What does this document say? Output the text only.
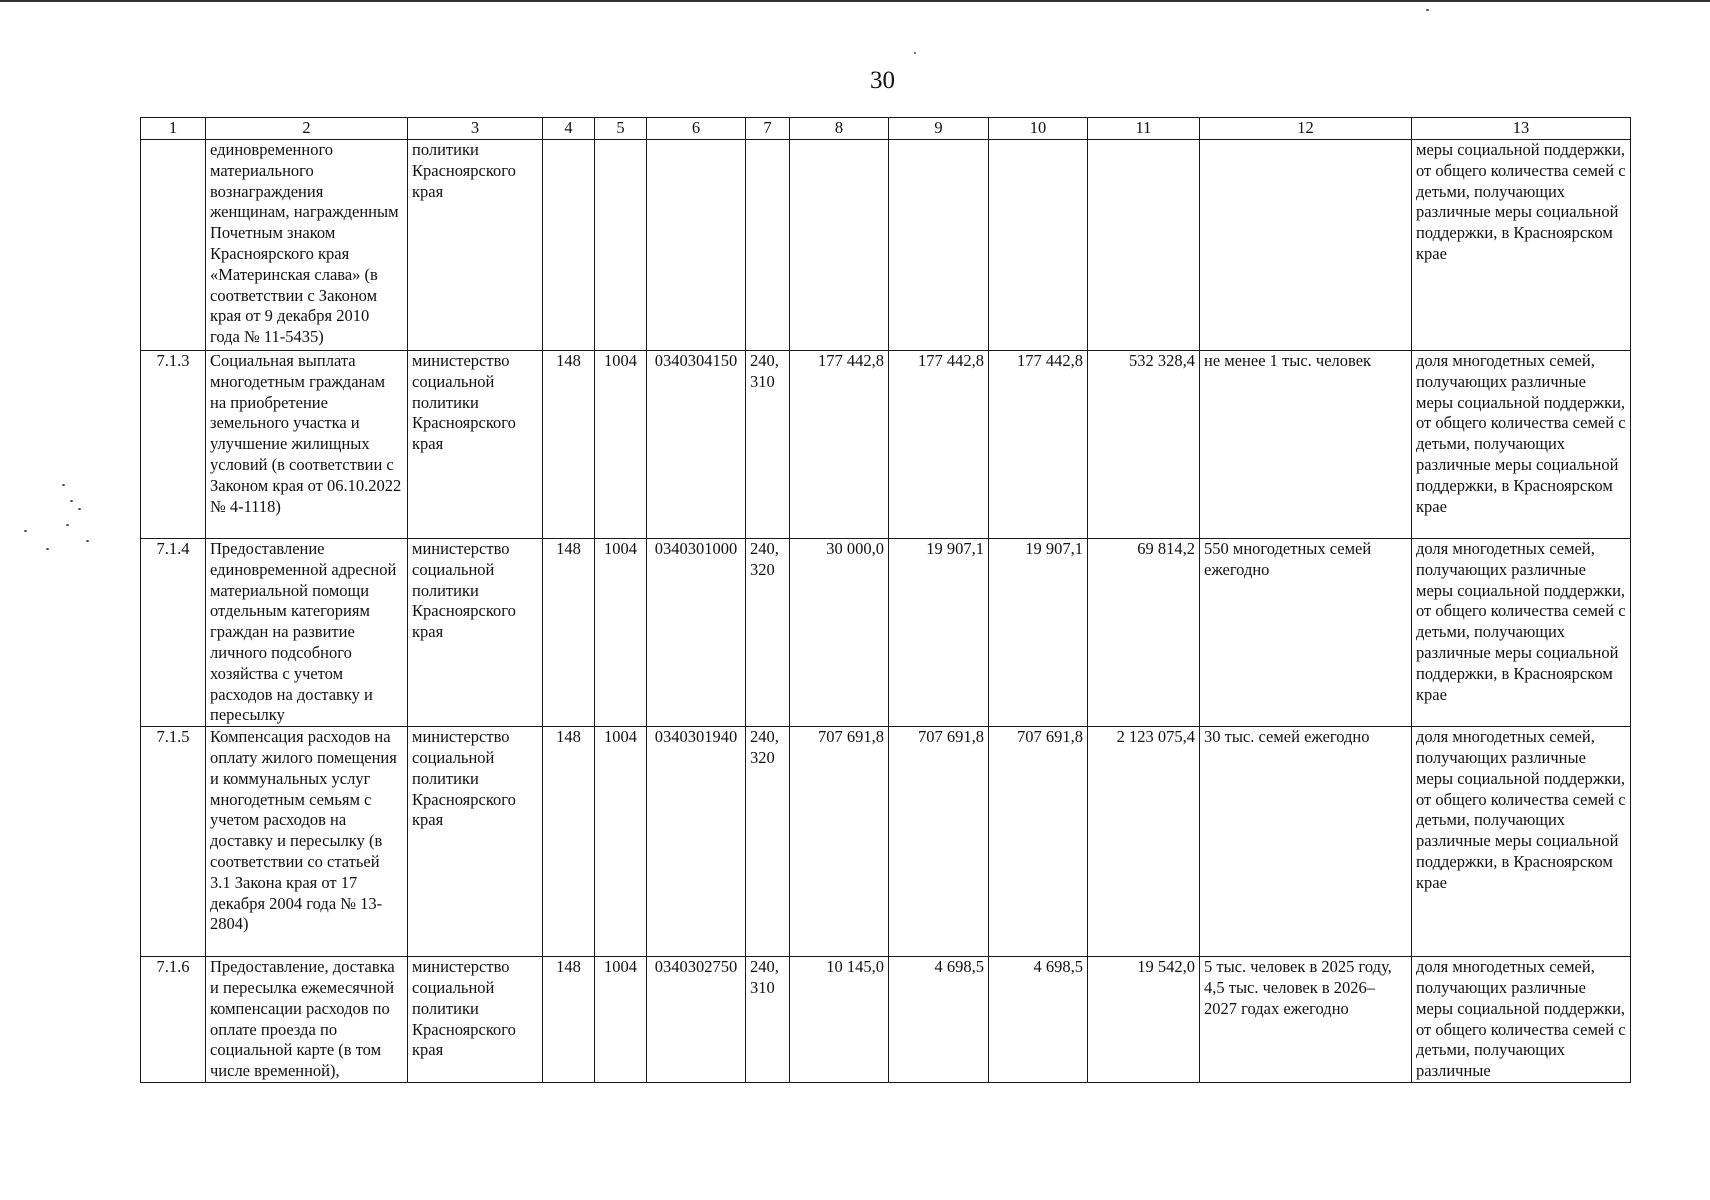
30
1	2	3	4	5	6	7	8	9	10	11	12	13
	единовременного материального вознаграждения женщинам, награжденным Почетным знаком Красноярского края «Материнская слава» (в соответствии с Законом края от 9 декабря 2010 года № 11-5435)	политики Красноярского края										меры социальной поддержки, от общего количества семей с детьми, получающих различные меры социальной поддержки, в Красноярском крае
7.1.3	Социальная выплата многодетным гражданам на приобретение земельного участка и улучшение жилищных условий (в соответствии с Законом края от 06.10.2022 № 4-1118)	министерство социальной политики Красноярского края	148	1004	0340304150	240, 310	177 442,8	177 442,8	177 442,8	532 328,4	не менее 1 тыс. человек	доля многодетных семей, получающих различные меры социальной поддержки, от общего количества семей с детьми, получающих различные меры социальной поддержки, в Красноярском крае
7.1.4	Предоставление единовременной адресной материальной помощи отдельным категориям граждан на развитие личного подсобного хозяйства с учетом расходов на доставку и пересылку	министерство социальной политики Красноярского края	148	1004	0340301000	240, 320	30 000,0	19 907,1	19 907,1	69 814,2	550 многодетных семей ежегодно	доля многодетных семей, получающих различные меры социальной поддержки, от общего количества семей с детьми, получающих различные меры социальной поддержки, в Красноярском крае
7.1.5	Компенсация расходов на оплату жилого помещения и коммунальных услуг многодетным семьям с учетом расходов на доставку и пересылку (в соответствии со статьей 3.1 Закона края от 17 декабря 2004 года № 13-2804)	министерство социальной политики Красноярского края	148	1004	0340301940	240, 320	707 691,8	707 691,8	707 691,8	2 123 075,4	30 тыс. семей ежегодно	доля многодетных семей, получающих различные меры социальной поддержки, от общего количества семей с детьми, получающих различные меры социальной поддержки, в Красноярском крае
7.1.6	Предоставление, доставка и пересылка ежемесячной компенсации расходов по оплате проезда по социальной карте (в том числе временной),	министерство социальной политики Красноярского края	148	1004	0340302750	240, 310	10 145,0	4 698,5	4 698,5	19 542,0	5 тыс. человек в 2025 году, 4,5 тыс. человек в 2026–2027 годах ежегодно	доля многодетных семей, получающих различные меры социальной поддержки, от общего количества семей с детьми, получающих различные
